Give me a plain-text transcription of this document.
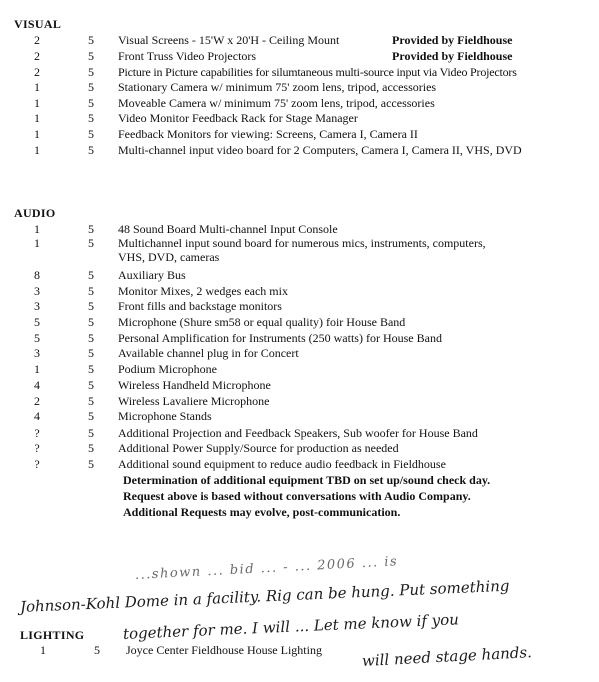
VISUAL
2	5	Visual Screens - 15'W x 20'H - Ceiling Mount	Provided by Fieldhouse
2	5	Front Truss Video Projectors	Provided by Fieldhouse
2	5	Picture in Picture capabilities for silumtaneous multi-source input via Video Projectors
1	5	Stationary Camera w/ minimum 75' zoom lens, tripod, accessories
1	5	Moveable Camera w/ minimum 75' zoom lens, tripod, accessories
1	5	Video Monitor Feedback Rack for Stage Manager
1	5	Feedback Monitors for viewing: Screens, Camera I, Camera II
1	5	Multi-channel input video board for 2 Computers, Camera I, Camera II, VHS, DVD
AUDIO
1	5	48 Sound Board Multi-channel Input Console
1	5	Multichannel input sound board for numerous mics, instruments, computers, VHS, DVD, cameras
8	5	Auxiliary Bus
3	5	Monitor Mixes, 2 wedges each mix
3	5	Front fills and backstage monitors
5	5	Microphone (Shure sm58 or equal quality) foir House Band
5	5	Personal Amplification for Instruments (250 watts) for House Band
3	5	Available channel plug in for Concert
1	5	Podium Microphone
4	5	Wireless Handheld Microphone
2	5	Wireless Lavaliere Microphone
4	5	Microphone Stands
?	5	Additional Projection and Feedback Speakers, Sub woofer for House Band
?	5	Additional Power Supply/Source for production as needed
?	5	Additional sound equipment to reduce audio feedback in Fieldhouse
Determination of additional equipment TBD on set up/sound check day.
Request above is based without conversations with Audio Company.
Additional Requests may evolve, post-communication.
LIGHTING
1	5	Joyce Center Fieldhouse House Lighting
...shown ... bid ... - ... 2006 ... is
Johnson-Kohl Dome in a facility. Rig can be hung. Put something
together for me. I will ... Let me know if you
will need stage hands.
